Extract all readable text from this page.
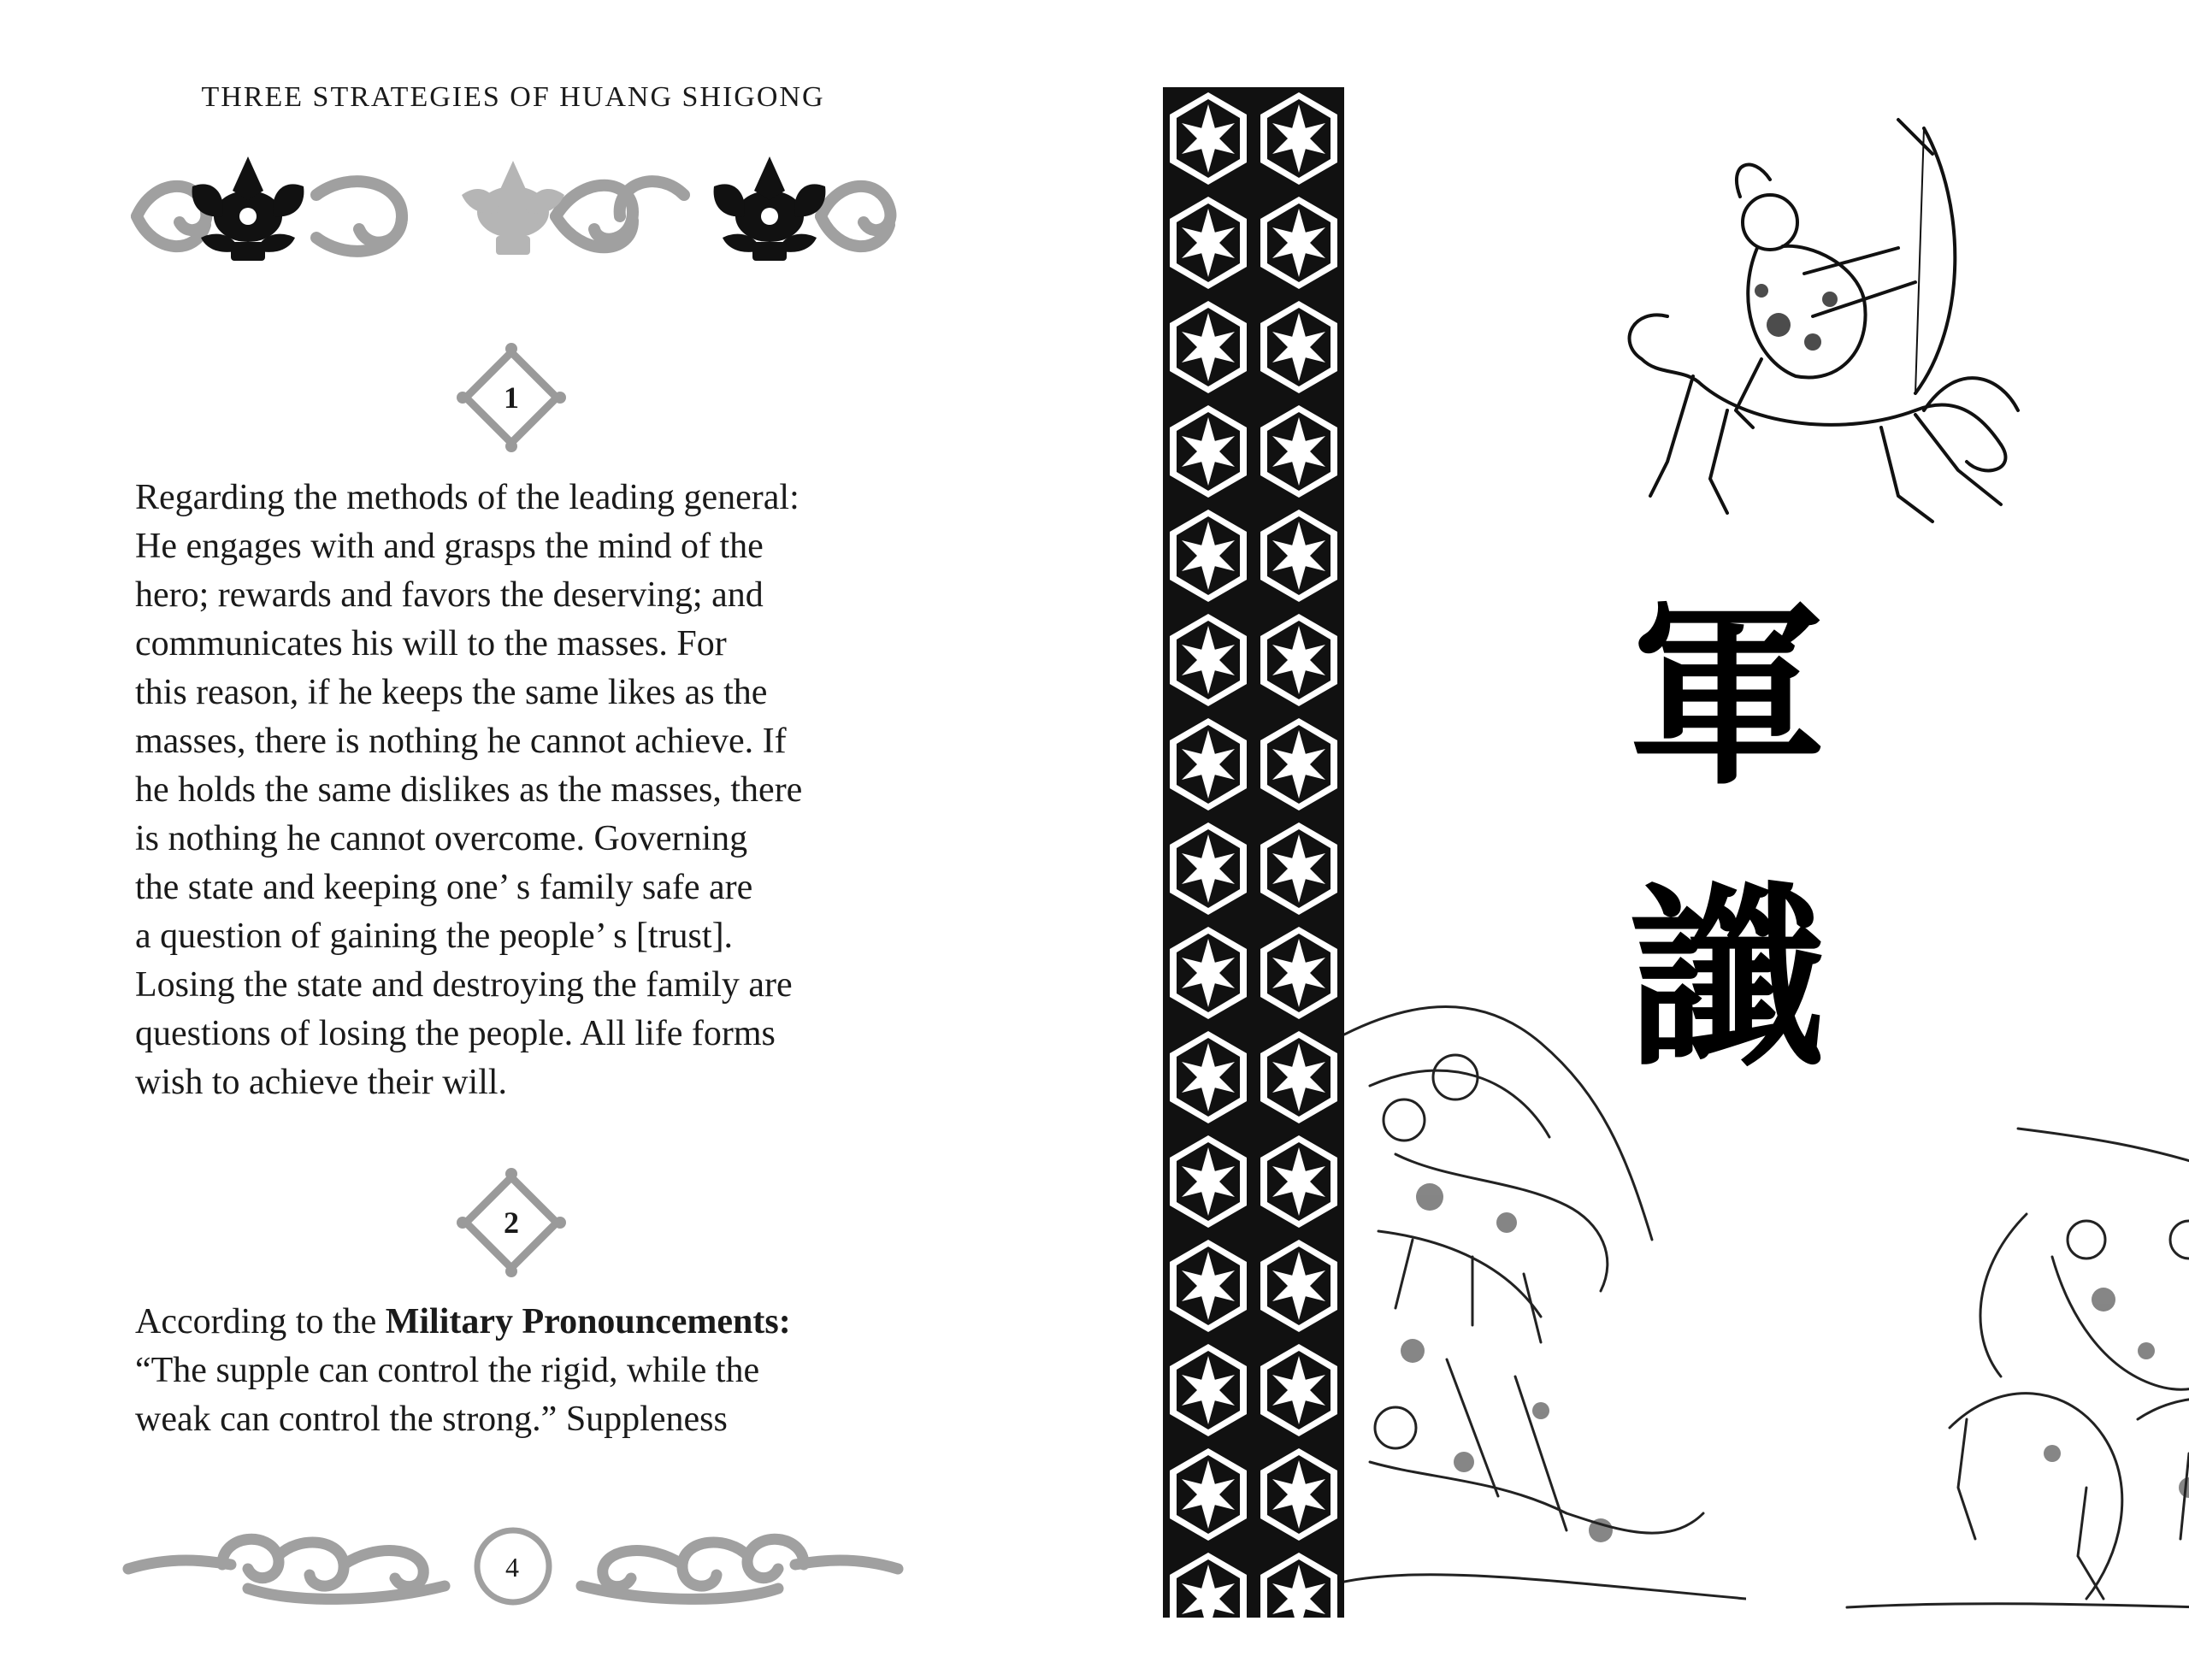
THREE STRATEGIES OF HUANG SHIGONG
1

Regarding the methods of the leading general:
He engages with and grasps the mind of the
hero; rewards and favors the deserving; and
communicates his will to the masses. For
this reason, if he keeps the same likes as the
masses, there is nothing he cannot achieve. If
he holds the same dislikes as the masses, there
is nothing he cannot overcome. Governing
the state and keeping one’ s family safe are
a question of gaining the people’ s [trust].
Losing the state and destroying the family are
questions of losing the people. All life forms
wish to achieve their will.

2

According to the Military Pronouncements:
“The supple can control the rigid, while the
weak can control the strong.” Suppleness

4
軍
讖
